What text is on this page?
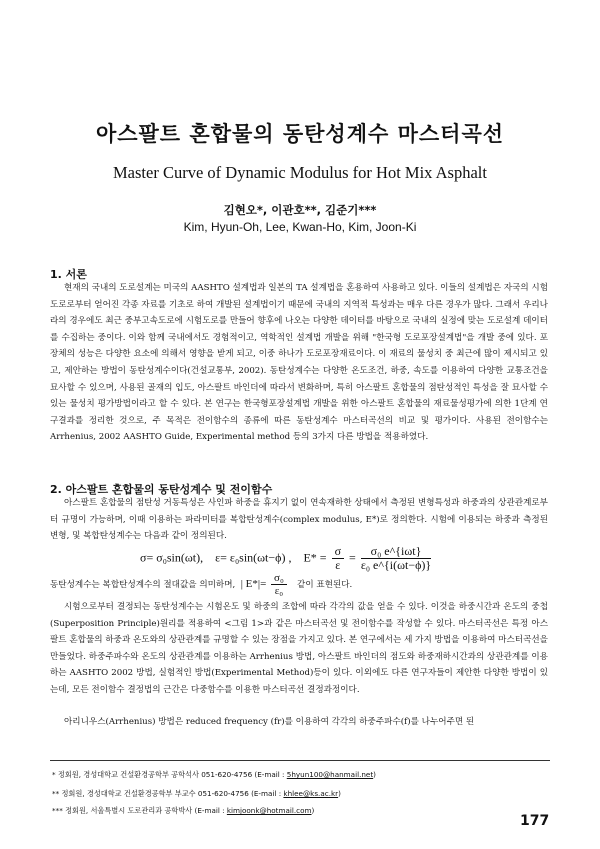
아스팔트 혼합물의 동탄성계수 마스터곡선
Master Curve of Dynamic Modulus for Hot Mix Asphalt
김현오*, 이관호**, 김준기***
Kim, Hyun-Oh, Lee, Kwan-Ho, Kim, Joon-Ki
1. 서론

현재의 국내의 도로설계는 미국의 AASHTO 설계법과 일본의 TA 설계법을 혼용하여 사용하고 있다. 이들의 설계법은 자국의 시험도로로부터 얻어진 각종 자료를 기초로 하여 개발된 설계법이기 때문에 국내의 지역적 특성과는 매우 다른 경우가 많다. 그래서 우리나라의 경우에도 최근 중부고속도로에 시험도로를 만들어 향후에 나오는 다양한 데이터를 바탕으로 국내의 실정에 맞는 도로설계 데이터를 수집하는 중이다. 이와 함께 국내에서도 경험적이고, 역학적인 설계법 개발을 위해 "한국형 도로포장설계법"을 개발 중에 있다. 포장체의 성능은 다양한 요소에 의해서 영향을 받게 되고, 이중 하나가 도로포장재료이다. 이 재료의 물성치 중 최근에 많이 제시되고 있고, 제안하는 방법이 동탄성계수이다(건설교통부, 2002). 동탄성계수는 다양한 온도조건, 하중, 속도를 이용하여 다양한 교통조건을 묘사할 수 있으며, 사용된 골재의 입도, 아스팔트 바인더에 따라서 변화하며, 특히 아스팔트 혼합물의 점탄성적인 특성을 잘 묘사할 수 있는 물성치 평가방법이라고 할 수 있다. 본 연구는 한국형포장설계법 개발을 위한 아스팔트 혼합물의 재료물성평가에 의한 1단계 연구결과를 정리한 것으로, 주 목적은 전이함수의 종류에 따른 동탄성계수 마스터곡선의 비교 및 평가이다. 사용된 전이함수는 Arrhenius, 2002 AASHTO Guide, Experimental method 등의 3가지 다른 방법을 적용하였다.

2. 아스팔트 혼합물의 동탄성계수 및 전이함수

아스팔트 혼합물의 점탄성 거동특성은 사인파 하중을 휴지기 없이 연속재하한 상태에서 측정된 변형특성과 하중과의 상관관계로부터 규명이 가능하며, 이때 이용하는 파라미터를 복합탄성계수(complex modulus, E*)로 정의한다. 시험에 이용되는 하중과 측정된 변형, 및 복합탄성계수는 다음과 같이 정의된다.

σ= σ₀sin(ωt), ε= ε₀sin(ωt−ϕ) , $E* = \frac{\sigma}{\varepsilon} = \frac{\text{σ₀ e\textasciicircum{}\{iωt\}}}{\text{ε₀ e\textasciicircum{}\{i(ωt−ϕ)\}}}$
동탄성계수는 복합탄성계수의 절대값을 의미하며, | $E*|= \frac{\text{σ₀}}{\text{ε₀}}$ 같이 표현된다.

시험으로부터 결정되는 동탄성계수는 시험온도 및 하중의 조합에 따라 각각의 값을 얻을 수 있다. 이것을 하중시간과 온도의 중첩(Superposition Principle)원리를 적용하여 <그림 1>과 같은 마스터곡선 및 전이함수를 작성할 수 있다. 마스터곡선은 특정 아스팔트 혼합물의 하중과 온도와의 상관관계를 규명할 수 있는 장점을 가지고 있다. 본 연구에서는 세 가지 방법을 이용하여 마스터곡선을 만들었다. 하중주파수와 온도의 상관관계를 이용하는 Arrhenius 방법, 아스팔트 바인더의 점도와 하중재하시간과의 상관관계를 이용하는 AASHTO 2002 방법, 실험적인 방법(Experimental Method)등이 있다. 이외에도 다른 연구자들이 제안한 다양한 방법이 있는데, 모든 전이함수 결정법의 근간은 다중함수를 이용한 마스터곡선 결정과정이다.

아리니우스(Arrhenius) 방법은 reduced frequency (fr)를 이용하여 각각의 하중주파수(f)를 나누어주면 된

* 정회원, 경성대학교 건설환경공학부 공학석사 051-620-4756 (E-mail : 5hyun100@hanmail.net)
** 정회원, 경성대학교 건설환경공학부 부교수 051-620-4756 (E-mail : khlee@ks.ac.kr)
*** 정회원, 서울특별시 도로관리과 공학박사 (E-mail : kimjoonk@hotmail.com)
177
